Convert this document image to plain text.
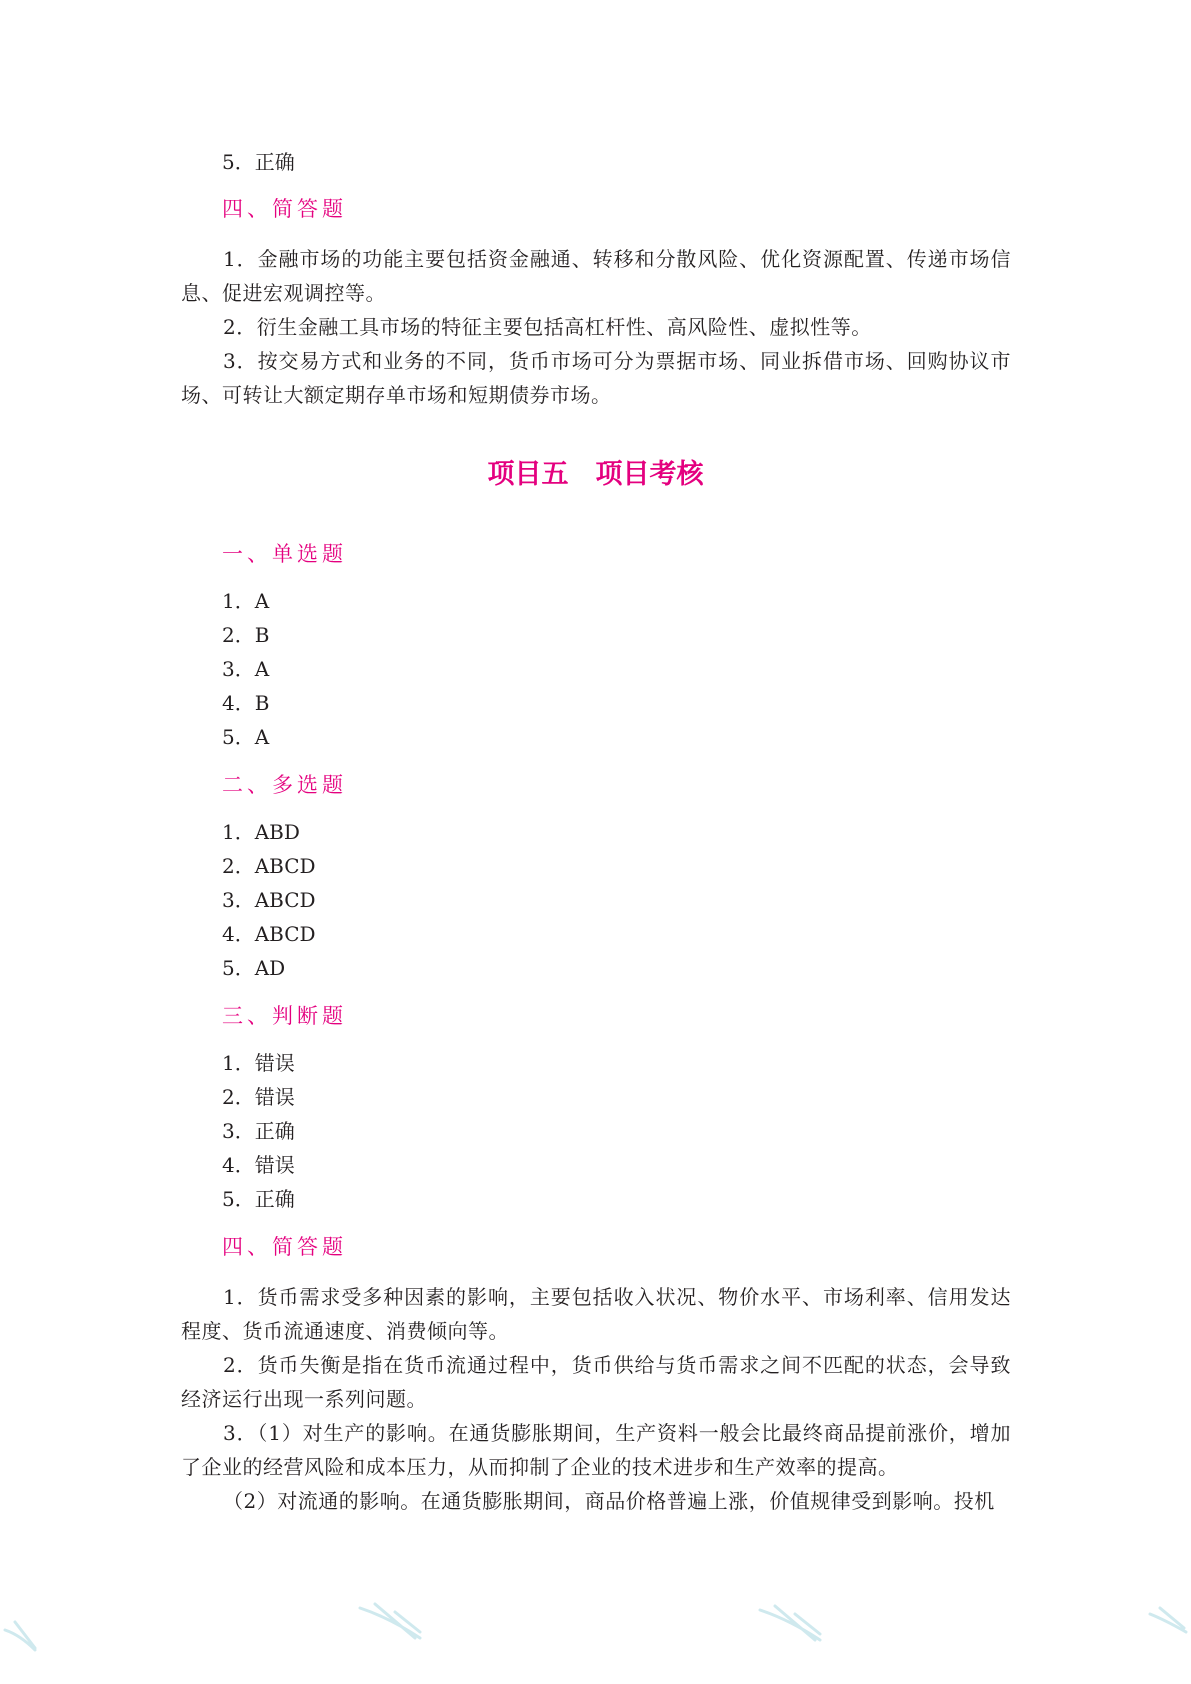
5．正确
四、简答题
1．金融市场的功能主要包括资金融通、转移和分散风险、优化资源配置、传递市场信息、促进宏观调控等。
2．衍生金融工具市场的特征主要包括高杠杆性、高风险性、虚拟性等。
3．按交易方式和业务的不同，货币市场可分为票据市场、同业拆借市场、回购协议市场、可转让大额定期存单市场和短期债券市场。
项目五　项目考核
一、单选题
1．A
2．B
3．A
4．B
5．A
二、多选题
1．ABD
2．ABCD
3．ABCD
4．ABCD
5．AD
三、判断题
1．错误
2．错误
3．正确
4．错误
5．正确
四、简答题
1．货币需求受多种因素的影响，主要包括收入状况、物价水平、市场利率、信用发达程度、货币流通速度、消费倾向等。
2．货币失衡是指在货币流通过程中，货币供给与货币需求之间不匹配的状态，会导致经济运行出现一系列问题。
3．（1）对生产的影响。在通货膨胀期间，生产资料一般会比最终商品提前涨价，增加了企业的经营风险和成本压力，从而抑制了企业的技术进步和生产效率的提高。
（2）对流通的影响。在通货膨胀期间，商品价格普遍上涨，价值规律受到影响。投机
